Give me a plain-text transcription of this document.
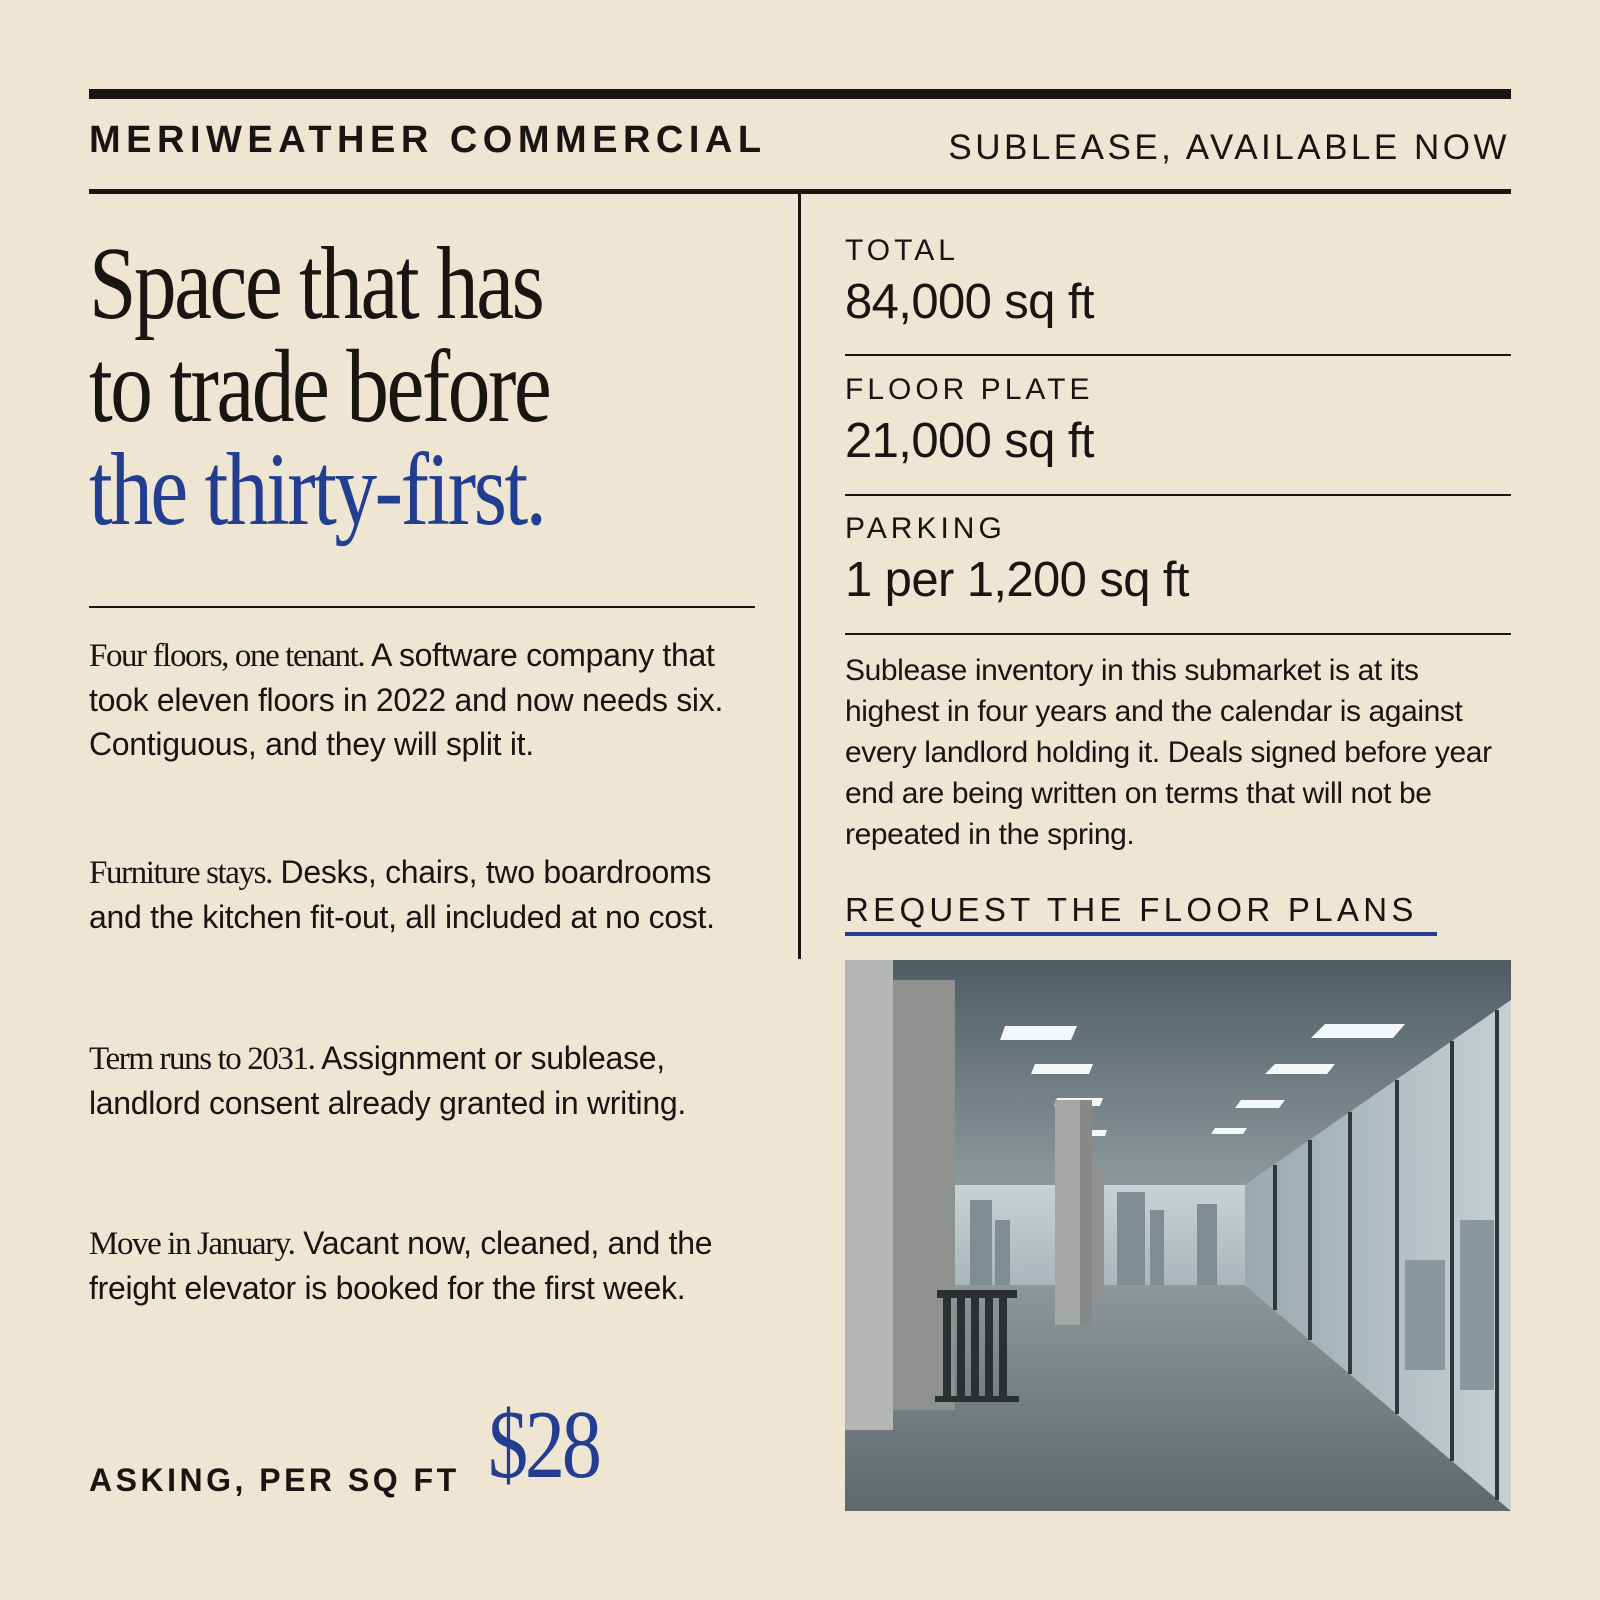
MERIWEATHER COMMERCIAL	SUBLEASE, AVAILABLE NOW
Space that has
to trade before
the thirty-first.

Four floors, one tenant. A software company that took eleven floors in 2022 and now needs six. Contiguous, and they will split it.

Furniture stays. Desks, chairs, two boardrooms and the kitchen fit-out, all included at no cost.

Term runs to 2031. Assignment or sublease, landlord consent already granted in writing.

Move in January. Vacant now, cleaned, and the freight elevator is booked for the first week.

ASKING, PER SQ FT $28
TOTAL
84,000 sq ft
FLOOR PLATE
21,000 sq ft
PARKING
1 per 1,200 sq ft
Sublease inventory in this submarket is at its highest in four years and the calendar is against every landlord holding it. Deals signed before year end are being written on terms that will not be repeated in the spring.
REQUEST THE FLOOR PLANS
